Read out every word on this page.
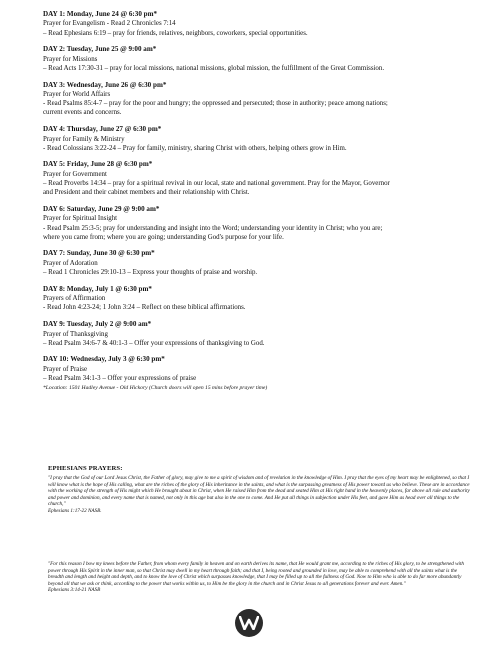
DAY 1: Monday, June 24 @ 6:30 pm*
Prayer for Evangelism - Read 2 Chronicles 7:14
– Read Ephesians 6:19 – pray for friends, relatives, neighbors, coworkers, special opportunities.
DAY 2: Tuesday, June 25 @ 9:00 am*
Prayer for Missions
– Read Acts 17:30-31 – pray for local missions, national missions, global mission, the fulfillment of the Great Commission.
DAY 3: Wednesday, June 26 @ 6:30 pm*
Prayer for World Affairs
- Read Psalms 85:4-7 – pray for the poor and hungry; the oppressed and persecuted; those in authority; peace among nations;
current events and concerns.
DAY 4: Thursday, June 27 @ 6:30 pm*
Prayer for Family & Ministry
- Read Colossians 3:22-24 – Pray for family, ministry, sharing Christ with others, helping others grow in Him.
DAY 5: Friday, June 28 @ 6:30 pm*
Prayer for Government
– Read Proverbs 14:34 – pray for a spiritual revival in our local, state and national government. Pray for the Mayor, Governor
and President and their cabinet members and their relationship with Christ.
DAY 6: Saturday, June 29 @ 9:00 am*
Prayer for Spiritual Insight
- Read Psalm 25:3-5; pray for understanding and insight into the Word; understanding your identity in Christ; who you are;
where you came from; where you are going; understanding God's purpose for your life.
DAY 7: Sunday, June 30 @ 6:30 pm*
Prayer of Adoration
– Read 1 Chronicles 29:10-13 – Express your thoughts of praise and worship.
DAY 8: Monday, July 1 @ 6:30 pm*
Prayers of Affirmation
- Read John 4:23-24; 1 John 3:24 – Reflect on these biblical affirmations.
DAY 9: Tuesday, July 2 @ 9:00 am*
Prayer of Thanksgiving
– Read Psalm 34:6-7 & 40:1-3 – Offer your expressions of thanksgiving to God.
DAY 10: Wednesday, July 3 @ 6:30 pm*
Prayer of Praise
– Read Psalm 34:1-3 – Offer your expressions of praise
*Location: 1501 Hadley Avenue - Old Hickory (Church doors will open 15 mins before prayer time)
EPHESIANS PRAYERS:
"I pray that the God of our Lord Jesus Christ, the Father of glory, may give to me a spirit of wisdom and of revelation in the knowledge of Him. I pray that the eyes of my heart may be enlightened, so that I will know what is the hope of His calling, what are the riches of the glory of His inheritance in the saints, and what is the surpassing greatness of His power toward us who believe. These are in accordance with the working of the strength of His might which He brought about in Christ, when He raised Him from the dead and seated Him at His right hand in the heavenly places, far above all rule and authority and power and dominion, and every name that is named, not only in this age but also in the one to come. And He put all things in subjection under His feet, and gave Him as head over all things to the church,"
Ephesians 1:17-22 NASB.
"For this reason I bow my knees before the Father, from whom every family in heaven and on earth derives its name, that He would grant me, according to the riches of His glory, to be strengthened with power through His Spirit in the inner man, so that Christ may dwell in my heart through faith; and that I, being rooted and grounded in love, may be able to comprehend with all the saints what is the breadth and length and height and depth, and to know the love of Christ which surpasses knowledge, that I may be filled up to all the fullness of God. Now to Him who is able to do far more abundantly beyond all that we ask or think, according to the power that works within us, to Him be the glory in the church and in Christ Jesus to all generations forever and ever. Amen."
Ephesians 3:14-21 NASB
